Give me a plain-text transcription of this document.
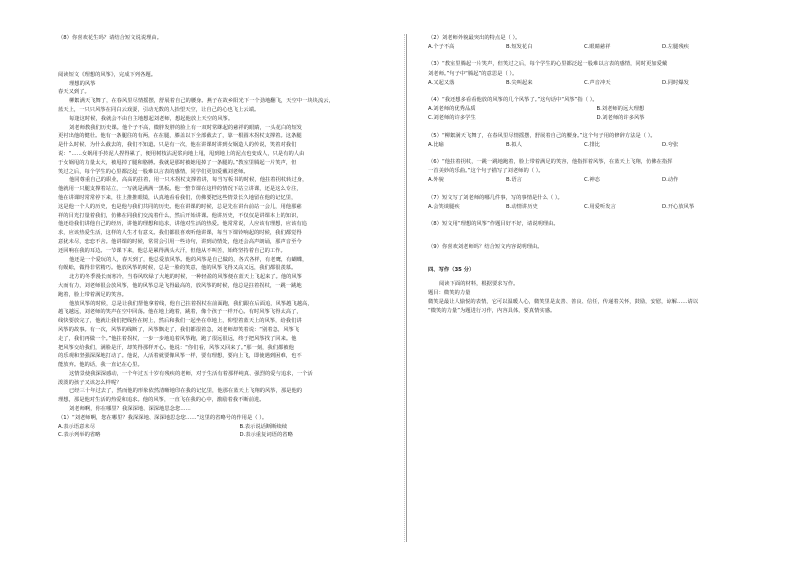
（8）你喜欢花生吗？请结合短文说说理由。
阅读短文《理想的风筝》，完成下列各题。
理想的风筝
春天又到了。
柳絮满天飞舞了，在春风里尽情摇摆，舒展着自己的腰身。燕子在故乡阳光下一个劲地翻飞，天空中一块块流云，
蓝天上，一只只风筝在同白云戏耍，引动无数的人抬望天空，让自己的心也飞上云端。
每逢这时候，我就会不由自主地想起刘老师，想起他放上天空的风筝。
刘老师教我们历史课。他个子不高，微胖发胖的脸上有一双时常眯起的慈祥的眼睛，一头花白的短发
更衬出他的健壮。他有一条腿往的有两，在在腿，膝盖以下全部截去了，靠一根圆木拐杖支撑着。这条腿
是什么时候、为什么截去的，我们不知道。只是有一次，他在讲课时讲到女娲造人的传说，笑着对我们
说：“……女娲用手抟泥人捏得累了，便用树枝沾泥浆向地上甩，甩到地上的泥点也变成人，只是有的人由
于女娲甩的力量太大，被甩掉了腿和胳膊。我就是那时被她甩掉了一条腿的。”教室里腾起一片笑声，但
笑过之后，每个学生的心里都泛起一股难以言表的感情，同学们更加爱戴刘老师。
他同尊重自己的职业，高高的拄着，用一只木拐杖支撑着讲，每当写板书的时候，他拄着拐杖转过身，
他就用一只腿支撑着站立，一写就是满满一黑板。他一整节课在这样的情况下站立讲课，还是这么专注，
他在讲课时常常停下来，往上推推眼镜，认真地看看我们，仿佛要把这些情景长久地留在他的记忆里，
这是他一个人的历史，也是他与我们共同的历史。他在讲课的时候，总是先在讲台前站一会儿，用他那慈
祥的目光打量着我们，仿佛在同我们交流着什么，然后开始讲课。他讲历史，不仅仅是讲课本上的知识，
他还给我们讲他自己的经历，讲他的理想和追求，讲他对生活的热爱。他常常说，人应该有理想，应该有追
求，应该热爱生活，这样的人生才有意义。我们都很喜欢听他讲课，每当下课铃响起的时候，我们都觉得
意犹未尽，恋恋不舍。他讲课的时候，常常会引用一些诗句，讲到动情处，他还会高声朗诵，那声音至今
还回响在我的耳边。一节课下来，他总是累得满头大汗，但他从不叫苦，始终坚持着自己的工作。
他还是一个爱玩的人，春天到了，他总爱放风筝。他的风筝是自己做的，各式各样，有老鹰，有蝴蝶，
有蜈蚣，做得非常精巧。他放风筝的时候，总是一脸的笑意，他的风筝飞得又高又远，我们都很羡慕。
北方的冬季漫长而寒冷，当春风吹绿了大地的时候，一种轻盈的风筝便在蓝天上飞起来了。他的风筝
大而有力，刘老师很会放风筝，他的风筝总是飞得最高的，放风筝的时候，他总是拄着拐杖，一跳一跳地
跑着，脸上带着满足的笑容。
他放风筝的时候，总是让我们帮他拿着线，他自己拄着拐杖在前面跑，我们跟在后面追，风筝越飞越高，
越飞越远，刘老师的笑声在空中回荡。他在地上跑着，跳着，像个孩子一样开心。有时风筝飞得太高了，
线快要放完了，他就让我们把线拴在树上，然后和我们一起坐在草地上，仰望着蓝天上的风筝，给我们讲
风筝的故事。有一次，风筝的线断了，风筝飘走了，我们都很着急，刘老师却笑着说：“别着急，风筝飞
走了，我们再做一个。”他拄着拐杖，一步一步地追着风筝跑，跑了很远很远，终于把风筝找了回来。他
把风筝交给我们，满脸是汗，却笑得那样开心。他说：“你们看，风筝又回来了。”那一刻，我们都被他
的乐观和坚强深深地打动了。他说，人活着就要像风筝一样，要有理想，要向上飞，即使遇到困难，也不
能放弃。他的话，我一直记在心里。
这情景使我深深感动，一个年过五十岁有残疾的老师，对于生活有着那样纯真、强烈的爱与追求，一个活
泼泼的孩子又该怎么样呢？
已经三十年过去了，然而他的形象依然清晰地印在我的记忆里，他那在蓝天上飞翔的风筝，那是他的
理想，那是他对生活的热爱和追求。他的风筝，一直飞在我的心中，激励着我不断前进。
刘老师啊，你在哪里？我深深地、深深地思念您……
（1）“刘老师啊，您在哪里？我深深地、深深地思念您……”这里的省略号的作用是（ ）。
A.表示语意未尽	B.表示说话断断续续
C.表示列举的省略	D.表示重复词语的省略
（2）刘老师外貌最突出的特点是（ ）。
A.个子不高	B.短发花白	C.眼睛慈祥	D.左腿残疾
（3）“教室里腾起一片笑声，但笑过之后，每个学生的心里都泛起一股难以言表的感情，同时更加爱戴
刘老师。”句子中“腾起”的意思是（ ）。
A.又起又落	B.尖叫起来	C.声音冲天	D.同时爆发
（4）“我还想多看看他放的风筝的几个风筝了。”这句话中“风筝”指（ ）。
A.刘老师的优秀品质	B.刘老师的远大理想
C.刘老师的许多学生	D.刘老师的许多风筝
（5）“柳絮满天飞舞了，在春风里尽情摇摆，舒展着自己的腰身。”这个句子用的修辞方法是（ ）。
A.比喻	B.拟人	C.排比	D.夸张
（6）“他拄着拐杖，一跳一跳地跑着，脸上带着满足的笑容，他指挥着风筝，在蓝天上飞翔，仿佛在指挥
一首美妙的乐曲。”这个句子描写了刘老师的（ ）。
A.外貌	B.语言	C.神态	D.动作
（7）短文写了刘老师的哪几件事，写的事情是什么（ ）。
A.会笑谈腿疾	B.动情讲历史	C.用爱听发言	D.开心放风筝
（8）短文用“理想的风筝”作题目好不好，请说明理由。
（9）你喜欢刘老师吗？结合短文内容说明理由。
四、写作（35 分）
阅读下面的材料，根据要求写作。
题目：微笑的力量
微笑是最让人愉悦的表情，它可以温暖人心，微笑里是友善、善良、信任，传递着关怀，鼓励，安慰，谅解……请以
“微笑的力量”为题进行习作，内容具体，要真情实感。
